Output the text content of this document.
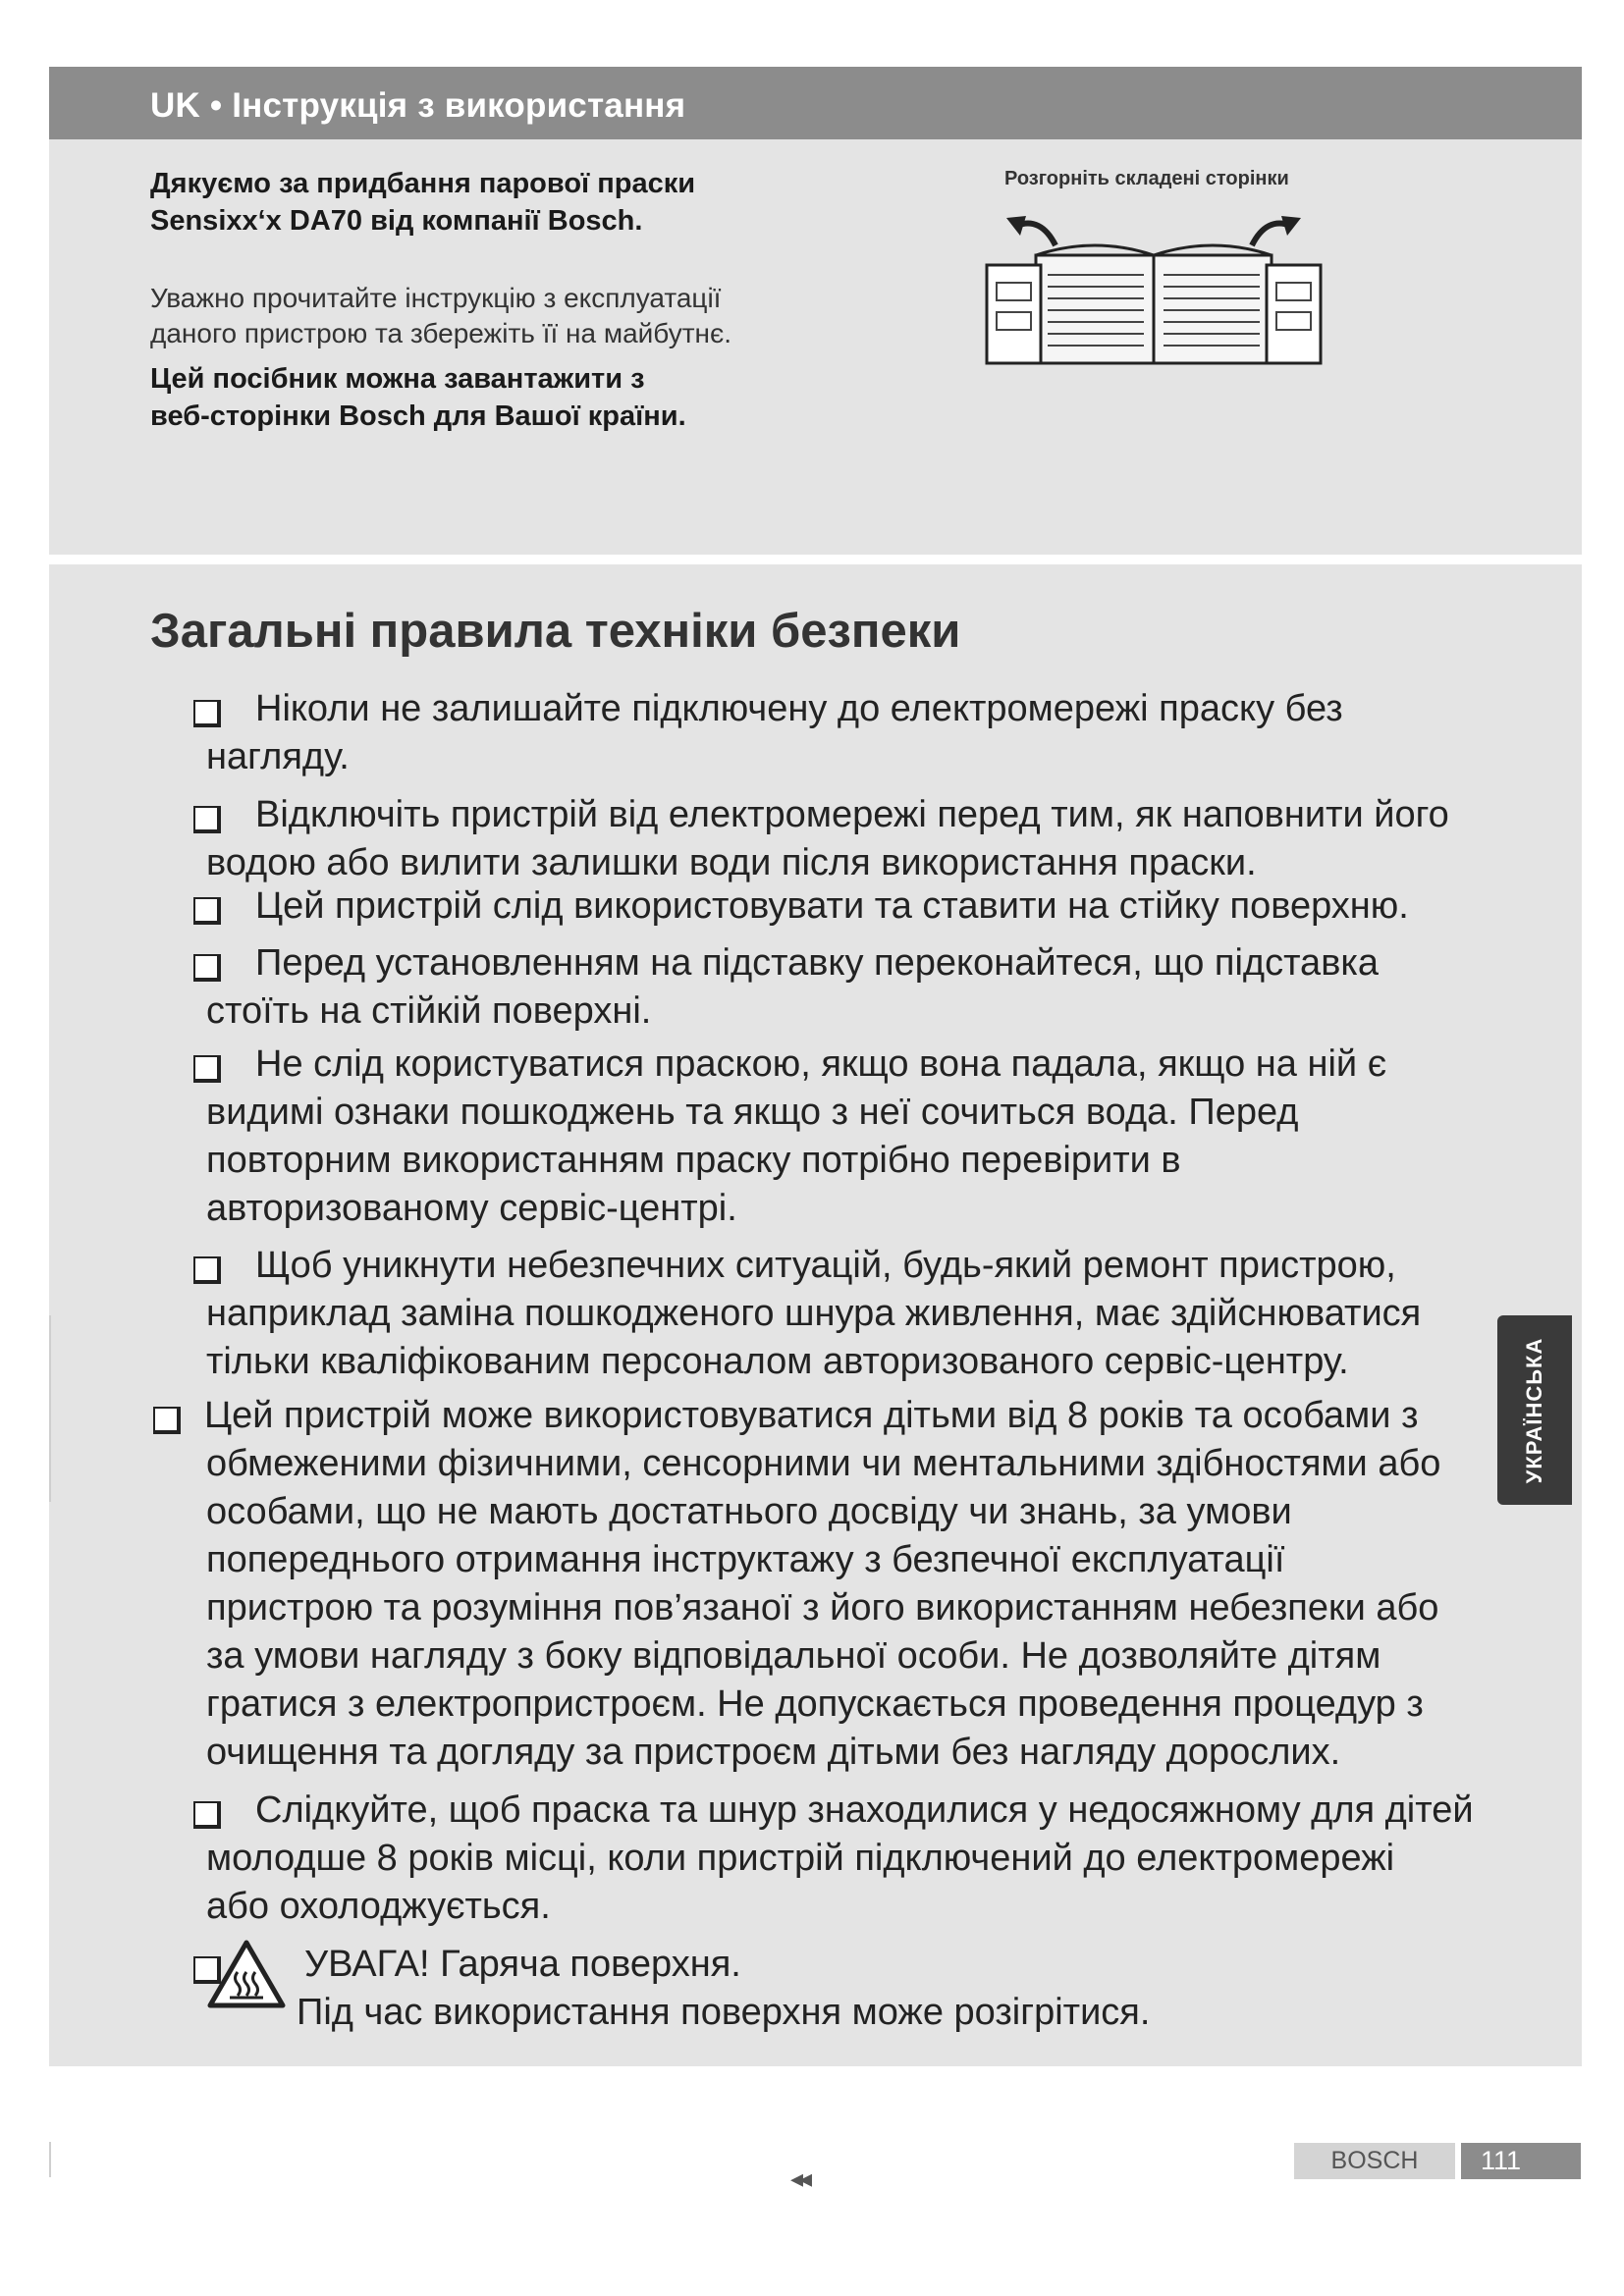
UK • Інструкція з використання
Дякуємо за придбання парової праски
Sensixx‘x DA70 від компанії Bosch.
Уважно прочитайте інструкцію з експлуатації
даного пристрою та збережіть її на майбутнє.
Цей посібник можна завантажити з
веб-сторінки Bosch для Вашої країни.
Розгорніть складені сторінки
Загальні правила техніки безпеки
Ніколи не залишайте підключену до електромережі праску без
нагляду.
Відключіть пристрій від електромережі перед тим, як наповнити його
водою або вилити залишки води після використання праски.
Цей пристрій слід використовувати та ставити на стійку поверхню.
Перед установленням на підставку переконайтеся, що підставка
стоїть на стійкій поверхні.
Не слід користуватися праскою, якщо вона падала, якщо на ній є
видимі ознаки пошкоджень та якщо з неї сочиться вода. Перед
повторним використанням праску потрібно перевірити в
авторизованому сервіс-центрі.
Щоб уникнути небезпечних ситуацій, будь-який ремонт пристрою,
наприклад заміна пошкодженого шнура живлення, має здійснюватися
тільки кваліфікованим персоналом авторизованого сервіс-центру.
Цей пристрій може використовуватися дітьми від 8 років та особами з
обмеженими фізичними, сенсорними чи ментальними здібностями або
особами, що не мають достатнього досвіду чи знань, за умови
попереднього отримання інструктажу з безпечної експлуатації
пристрою та розуміння пов’язаної з його використанням небезпеки або
за умови нагляду з боку відповідальної особи. Не дозволяйте дітям
гратися з електропристроєм. Не допускається проведення процедур з
очищення та догляду за пристроєм дітьми без нагляду дорослих.
Слідкуйте, щоб праска та шнур знаходилися у недосяжному для дітей
молодше 8 років місці, коли пристрій підключений до електромережі
або охолоджується.
УВАГА! Гаряча поверхня.
Під час використання поверхня може розігрітися.
УКРАЇНСЬКА
◂◂
BOSCH	111
